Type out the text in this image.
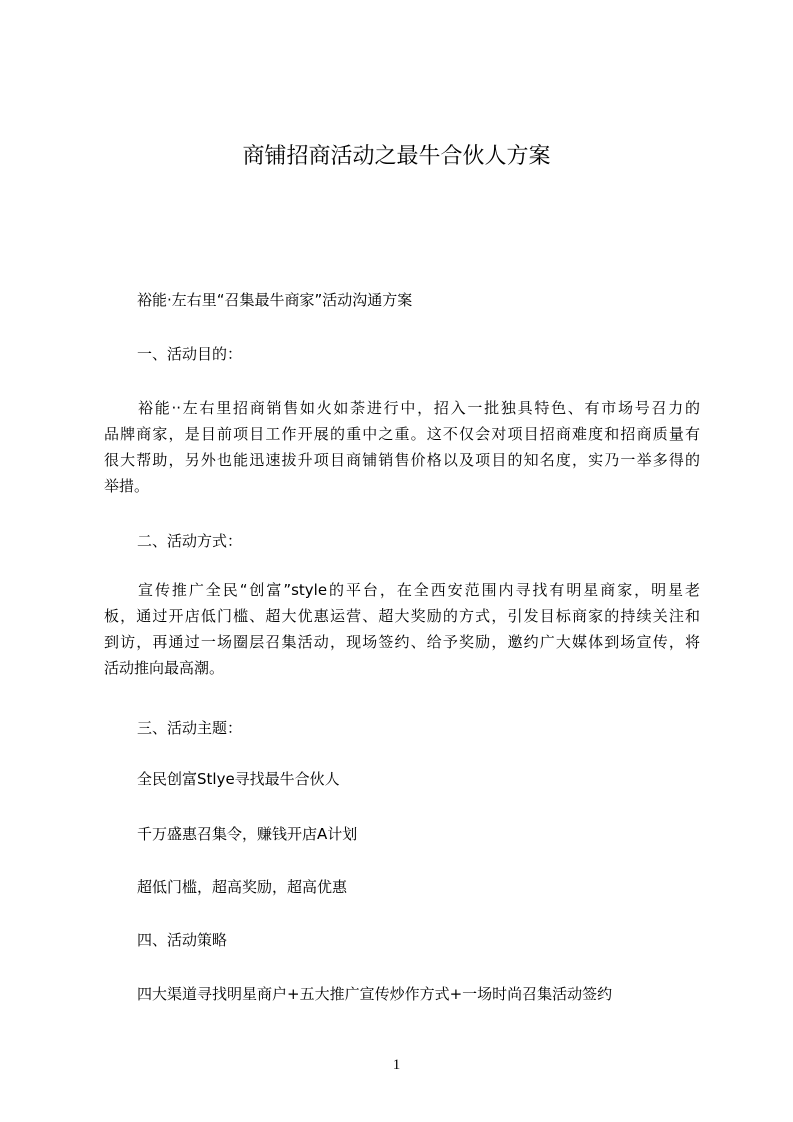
商铺招商活动之最牛合伙人方案
裕能·左右里“召集最牛商家”活动沟通方案
一、活动目的：
裕能··左右里招商销售如火如荼进行中，招入一批独具特色、有市场号召力的
品牌商家，是目前项目工作开展的重中之重。这不仅会对项目招商难度和招商质量有
很大帮助，另外也能迅速拔升项目商铺销售价格以及项目的知名度，实乃一举多得的
举措。
二、活动方式：
宣传推广全民“创富”style的平台，在全西安范围内寻找有明星商家，明星老
板，通过开店低门槛、超大优惠运营、超大奖励的方式，引发目标商家的持续关注和
到访，再通过一场圈层召集活动，现场签约、给予奖励，邀约广大媒体到场宣传，将
活动推向最高潮。
三、活动主题：
全民创富Stlye寻找最牛合伙人
千万盛惠召集令，赚钱开店A计划
超低门槛，超高奖励，超高优惠
四、活动策略
四大渠道寻找明星商户+五大推广宣传炒作方式+一场时尚召集活动签约
1
